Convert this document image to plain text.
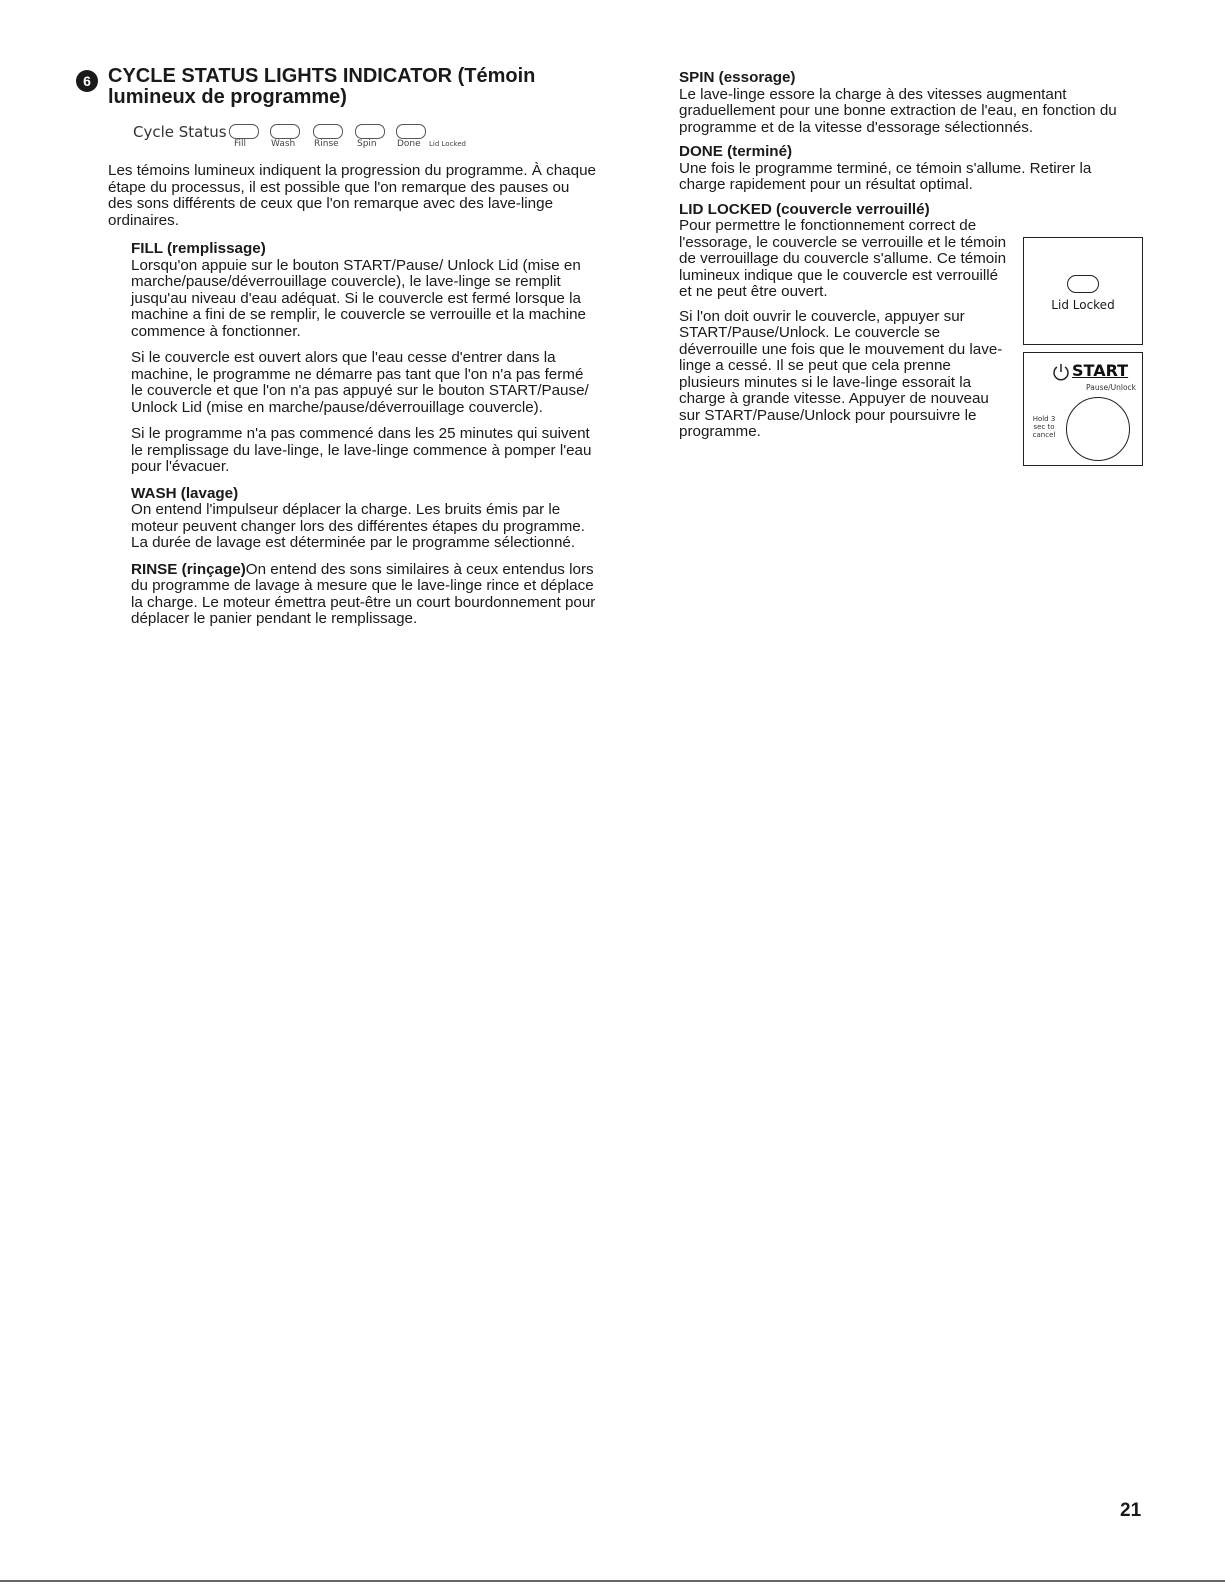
6 CYCLE STATUS LIGHTS INDICATOR (Témoin lumineux de programme)
Cycle Status
Fill	Wash Rinse Spin Done Lid Locked

Les témoins lumineux indiquent la progression du programme. À chaque étape du processus, il est possible que l'on remarque des pauses ou des sons différents de ceux que l'on remarque avec des lave-linge ordinaires.

FILL (remplissage)

Lorsqu'on appuie sur le bouton START/Pause/ Unlock Lid (mise en marche/pause/déverrouillage couvercle), le lave-linge se remplit jusqu'au niveau d'eau adéquat. Si le couvercle est fermé lorsque la machine a fini de se remplir, le couvercle se verrouille et la machine commence à fonctionner.

Si le couvercle est ouvert alors que l'eau cesse d'entrer dans la machine, le programme ne démarre pas tant que l'on n'a pas fermé le couvercle et que l'on n'a pas appuyé sur le bouton START/Pause/ Unlock Lid (mise en marche/pause/déverrouillage couvercle).

Si le programme n'a pas commencé dans les 25 minutes qui suivent le remplissage du lave-linge, le lave-linge commence à pomper l'eau pour l'évacuer.

WASH (lavage)

On entend l'impulseur déplacer la charge. Les bruits émis par le moteur peuvent changer lors des différentes étapes du programme. La durée de lavage est déterminée par le programme sélectionné.

RINSE (rinçage)On entend des sons similaires à ceux entendus lors du programme de lavage à mesure que le lave-linge rince et déplace la charge. Le moteur émettra peut-être un court bourdonnement pour déplacer le panier pendant le remplissage.

SPIN (essorage)

Le lave-linge essore la charge à des vitesses augmentant graduellement pour une bonne extraction de l'eau, en fonction du programme et de la vitesse d'essorage sélectionnés.

DONE (terminé)

Une fois le programme terminé, ce témoin s'allume. Retirer la charge rapidement pour un résultat optimal.

LID LOCKED (couvercle verrouillé)

Pour permettre le fonctionnement correct de l'essorage, le couvercle se verrouille et le témoin de verrouillage du couvercle s'allume. Ce témoin lumineux indique que le couvercle est verrouillé et ne peut être ouvert.

Si l'on doit ouvrir le couvercle, appuyer sur START/Pause/Unlock. Le couvercle se déverrouille une fois que le mouvement du lave-linge a cessé. Il se peut que cela prenne plusieurs minutes si le lave-linge essorait la charge à grande vitesse. Appuyer de nouveau sur START/Pause/Unlock pour poursuivre le programme.

Lid Locked
START
Pause/Unlock
Hold 3 sec to cancel
21
